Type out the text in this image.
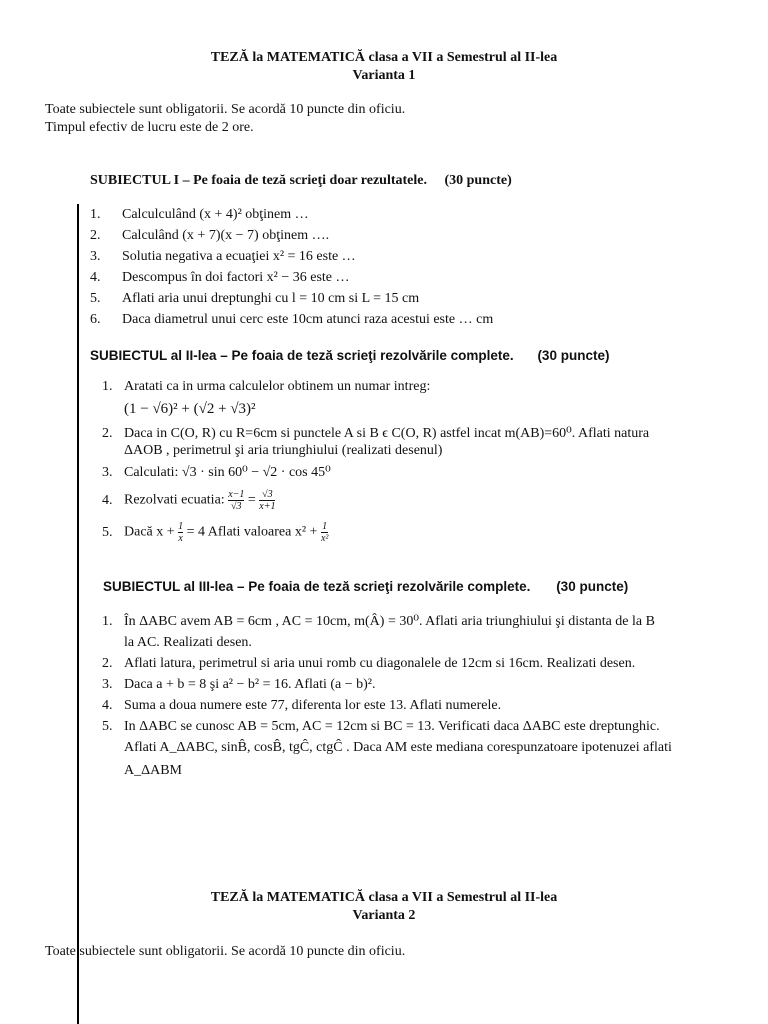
TEZĂ la MATEMATICĂ clasa a VII a Semestrul al II-lea
Varianta 1
Toate subiectele sunt obligatorii. Se acordă 10 puncte din oficiu.
Timpul efectiv de lucru este de 2 ore.
SUBIECTUL I – Pe foaia de teză scrieţi doar rezultatele. (30 puncte)
1. Calculculând (x + 4)² obţinem …
2. Calculând (x + 7)(x − 7) obţinem ….
3. Solutia negativa a ecuaţiei x² = 16 este …
4. Descompus în doi factori x² − 36 este …
5. Aflati aria unui dreptunghi cu l = 10 cm si L = 15 cm
6. Daca diametrul unui cerc este 10cm atunci raza acestui este … cm
SUBIECTUL al II-lea – Pe foaia de teză scrieţi rezolvările complete. (30 puncte)
1. Aratati ca in urma calculelor obtinem un numar intreg:
(1 − √6)² + (√2 + √3)²
2. Daca in C(O, R) cu R=6cm si punctele A si B ϵ C(O, R) astfel incat m(AB)=60⁰. Aflati natura
ΔAOB , perimetrul şi aria triunghiului (realizati desenul)
3. Calculati: √3 · sin 60⁰ − √2 · cos 45⁰
4. Rezolvati ecuatia: $\frac{x-1}{√3} = \frac{√3}{x+1}$
5. Dacă $x + \frac{1}{x} = 4$ Aflati valoarea $x^2 + \frac{1}{\text{x²}}$
SUBIECTUL al III-lea – Pe foaia de teză scrieţi rezolvările complete. (30 puncte)
1. În ΔABC avem AB = 6cm , AC = 10cm, m(Â) = 30⁰. Aflati aria triunghiului şi distanta de la B
la AC. Realizati desen.
2. Aflati latura, perimetrul si aria unui romb cu diagonalele de 12cm si 16cm. Realizati desen.
3. Daca a + b = 8 şi a² − b² = 16. Aflati (a − b)².
4. Suma a doua numere este 77, diferenta lor este 13. Aflati numerele.
5. In ΔABC se cunosc AB = 5cm, AC = 12cm si BC = 13. Verificati daca ΔABC este dreptunghic.
Aflati A_ΔABC, sinB̂, cosB̂, tgĈ, ctgĈ . Daca AM este mediana corespunzatoare ipotenuzei aflati
A_ΔABM
TEZĂ la MATEMATICĂ clasa a VII a Semestrul al II-lea
Varianta 2
Toate subiectele sunt obligatorii. Se acordă 10 puncte din oficiu.
